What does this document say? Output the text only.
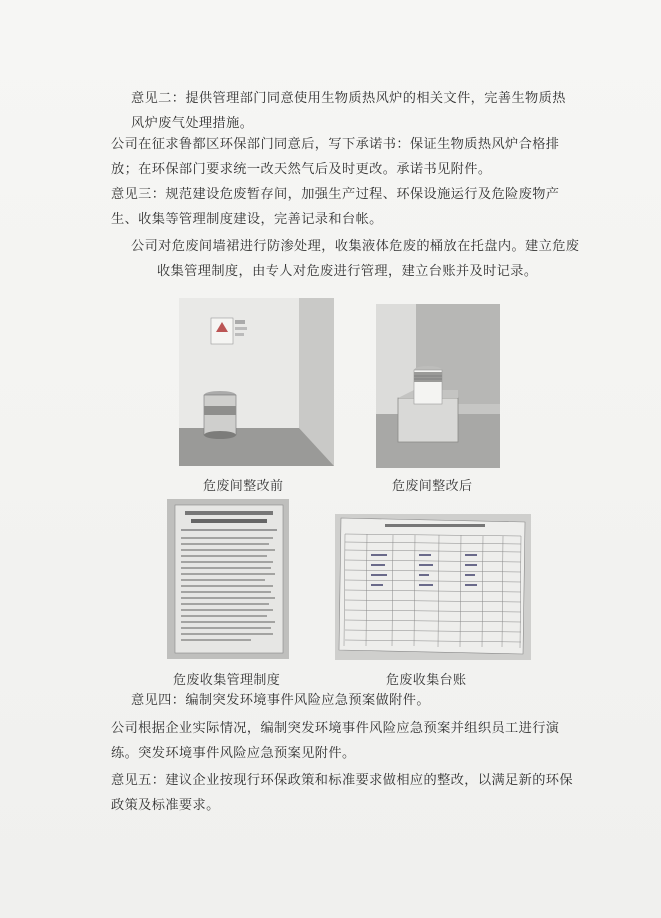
意见二：提供管理部门同意使用生物质热风炉的相关文件，完善生物质热风炉废气处理措施。
公司在征求鲁都区环保部门同意后，写下承诺书：保证生物质热风炉合格排放；在环保部门要求统一改天然气后及时更改。承诺书见附件。
意见三：规范建设危废暂存间，加强生产过程、环保设施运行及危险废物产生、收集等管理制度建设，完善记录和台帐。
公司对危废间墙裙进行防渗处理，收集液体危废的桶放在托盘内。建立危废
收集管理制度，由专人对危废进行管理，建立台账并及时记录。
危废间整改前	危废间整改后
危废收集管理制度	危废收集台账
意见四：编制突发环境事件风险应急预案做附件。
公司根据企业实际情况，编制突发环境事件风险应急预案并组织员工进行演练。突发环境事件风险应急预案见附件。
意见五：建议企业按现行环保政策和标准要求做相应的整改，以满足新的环保政策及标准要求。
